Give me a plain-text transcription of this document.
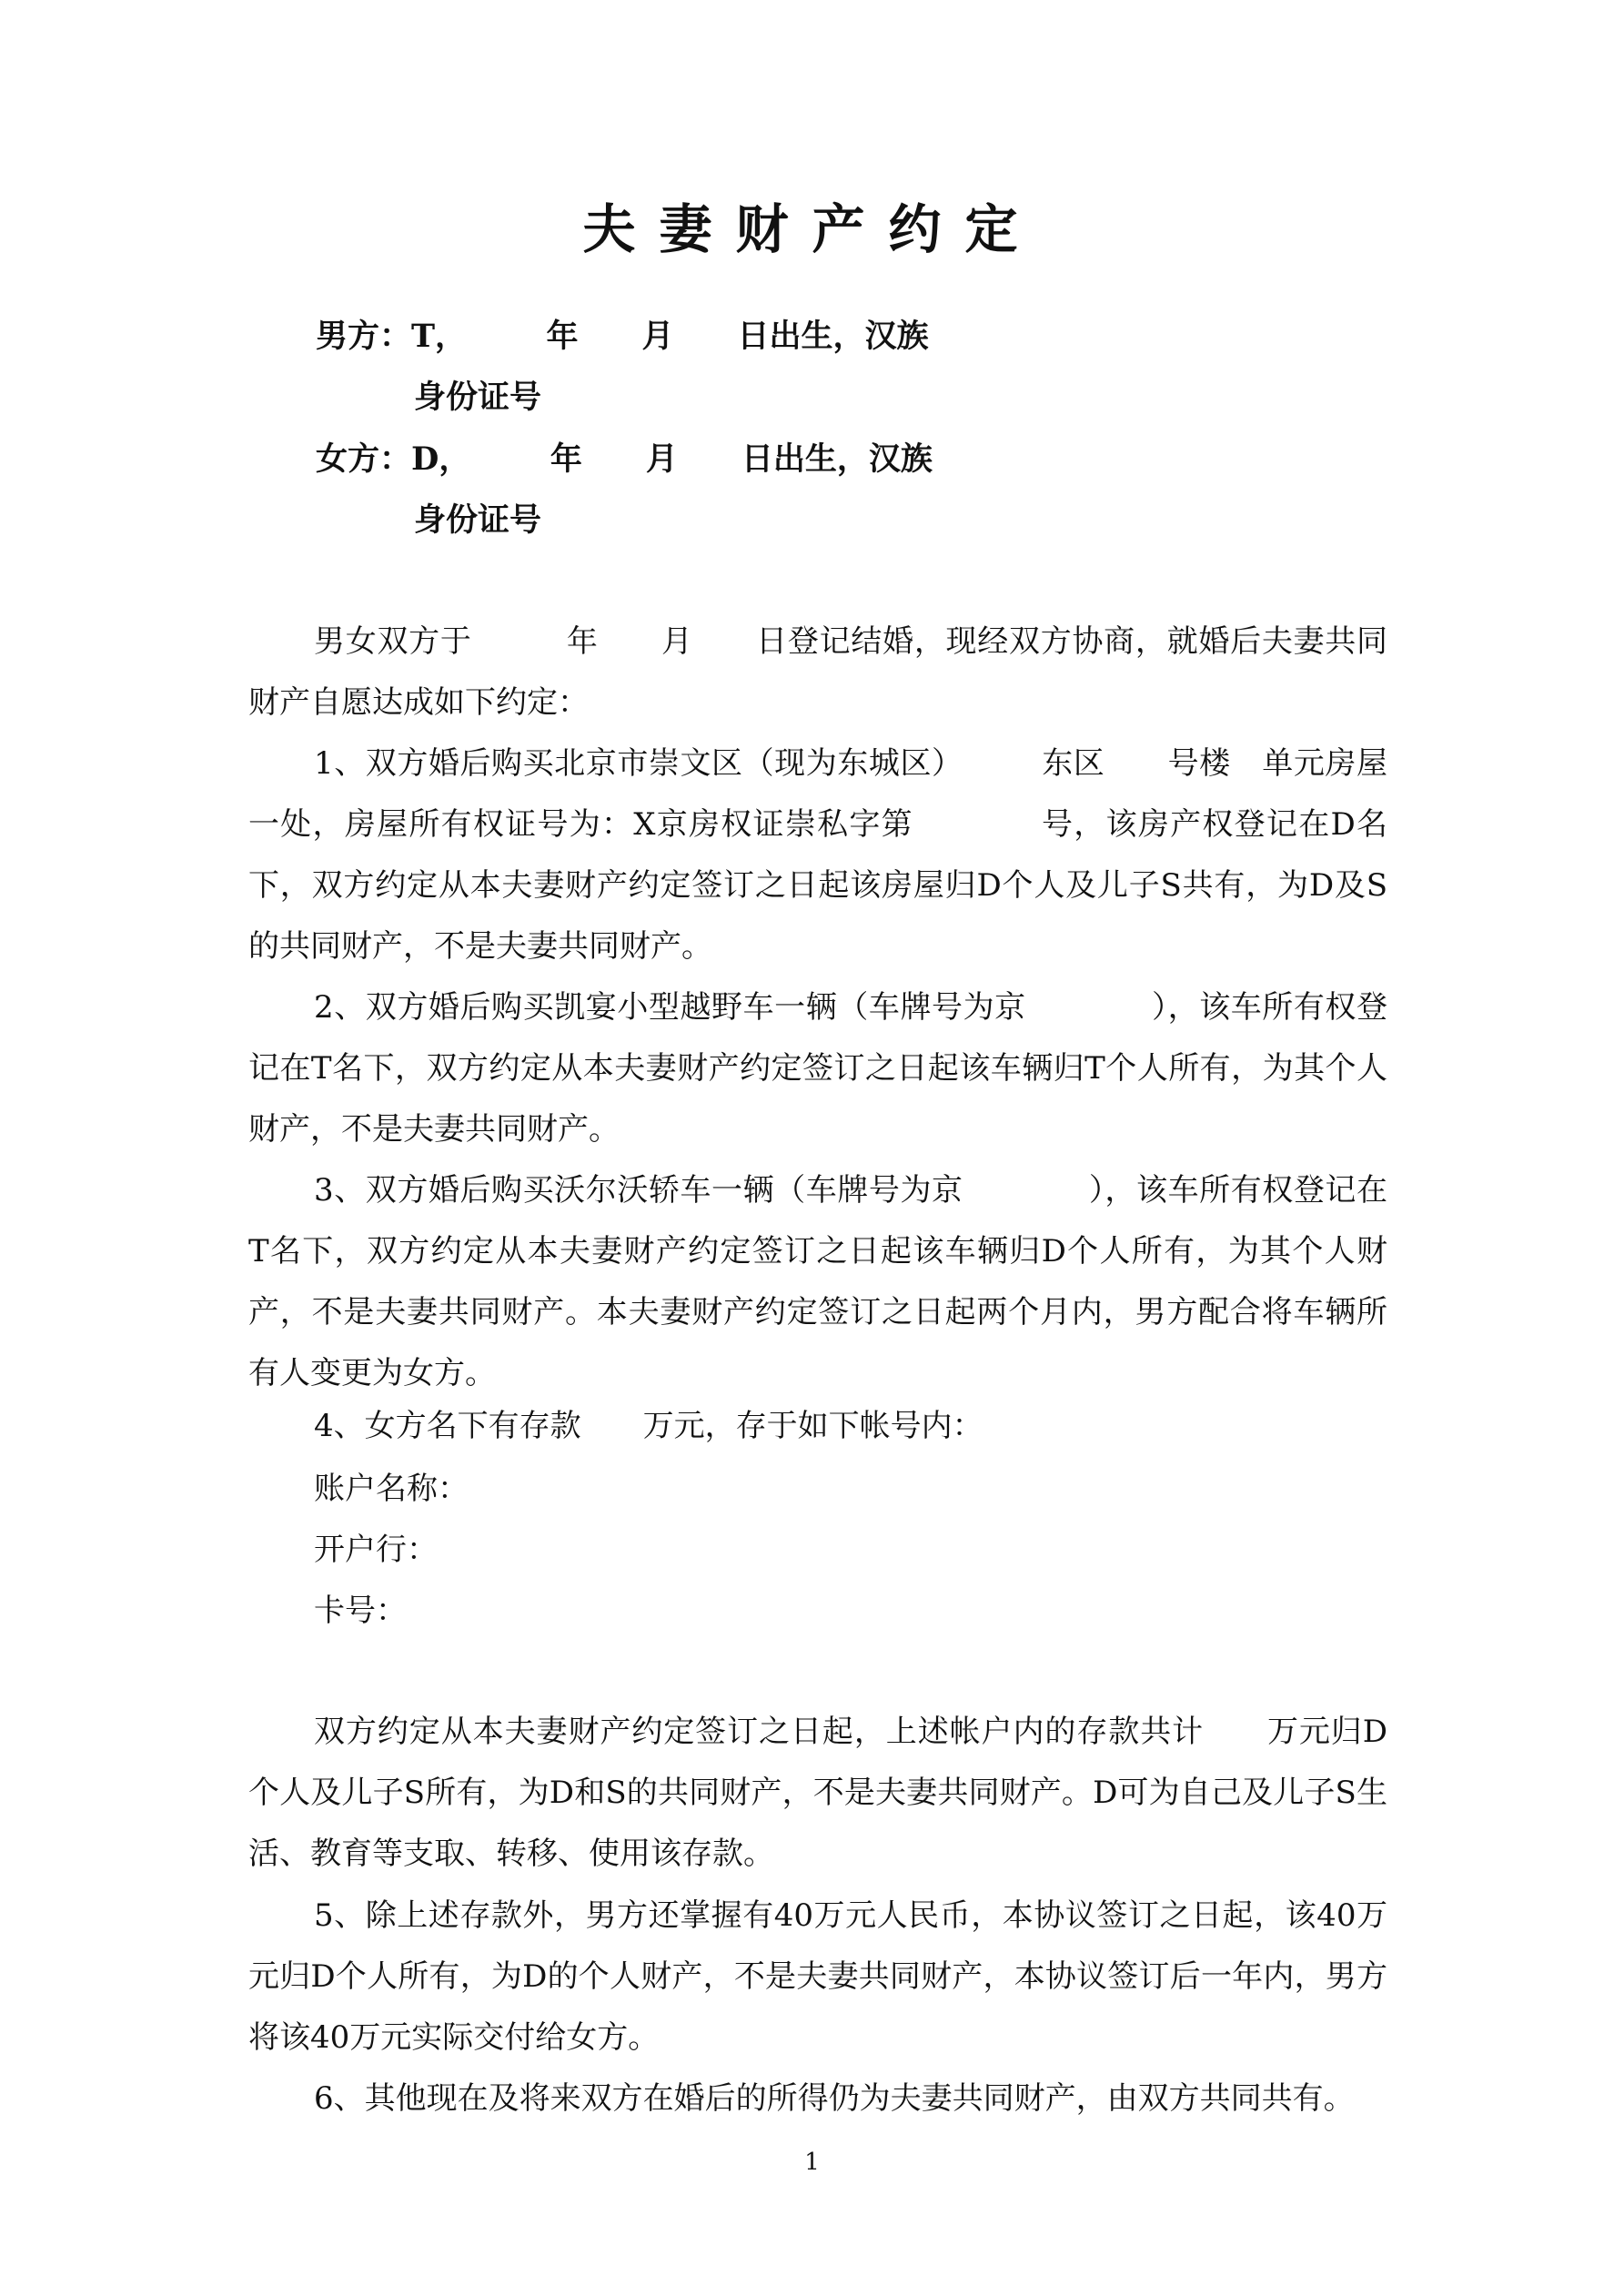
夫妻财产约定
男方：T，　　　年　　月　　日出生，汉族
身份证号
女方：D，　　　年　　月　　日出生，汉族
身份证号

男女双方于　　　年　　月　　日登记结婚，现经双方协商，就婚后夫妻共同财产自愿达成如下约定：

1、双方婚后购买北京市崇文区（现为东城区）　　　东区　　号楼　单元房屋一处，房屋所有权证号为：X京房权证崇私字第　　　　号，该房产权登记在D名下，双方约定从本夫妻财产约定签订之日起该房屋归D个人及儿子S共有，为D及S的共同财产，不是夫妻共同财产。

2、双方婚后购买凯宴小型越野车一辆（车牌号为京　　　　），该车所有权登记在T名下，双方约定从本夫妻财产约定签订之日起该车辆归T个人所有，为其个人财产，不是夫妻共同财产。

3、双方婚后购买沃尔沃轿车一辆（车牌号为京　　　　），该车所有权登记在T名下，双方约定从本夫妻财产约定签订之日起该车辆归D个人所有，为其个人财产，不是夫妻共同财产。本夫妻财产约定签订之日起两个月内，男方配合将车辆所有人变更为女方。

4、女方名下有存款　　万元，存于如下帐号内：
账户名称：
开户行：
卡号：

双方约定从本夫妻财产约定签订之日起，上述帐户内的存款共计　　万元归D个人及儿子S所有，为D和S的共同财产，不是夫妻共同财产。D可为自己及儿子S生活、教育等支取、转移、使用该存款。

5、除上述存款外，男方还掌握有40万元人民币，本协议签订之日起，该40万元归D个人所有，为D的个人财产，不是夫妻共同财产，本协议签订后一年内，男方将该40万元实际交付给女方。

6、其他现在及将来双方在婚后的所得仍为夫妻共同财产，由双方共同共有。

1
